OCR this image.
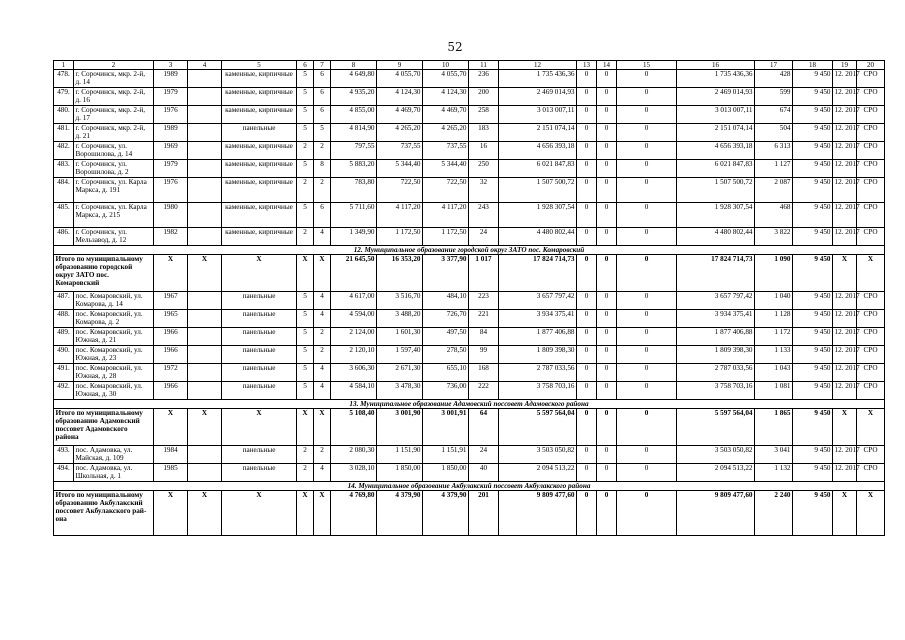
52
1	2	3	4	5	6	7	8	9	10	11	12	13	14	15	16	17	18	19	20
478.	г. Сорочинск, мкр. 2-й, д. 14	1989		каменные, кирпичные	5	6	4 649,80	4 055,70	4 055,70	236	1 735 436,36	0	0	0	1 735 436,36	428	9 450	12. 2017	СРО
479.	г. Сорочинск, мкр. 2-й, д. 16	1979		каменные, кирпичные	5	6	4 935,20	4 124,30	4 124,30	200	2 469 014,93	0	0	0	2 469 014,93	599	9 450	12. 2017	СРО
480.	г. Сорочинск, мкр. 2-й, д. 17	1976		каменные, кирпичные	5	6	4 855,00	4 469,70	4 469,70	258	3 013 007,11	0	0	0	3 013 007,11	674	9 450	12. 2017	СРО
481.	г. Сорочинск, мкр. 2-й, д. 21	1989		панельные	5	5	4 814,90	4 265,20	4 265,20	183	2 151 074,14	0	0	0	2 151 074,14	504	9 450	12. 2017	СРО
482.	г. Сорочинск, ул. Ворошилова, д. 14	1969		каменные, кирпичные	2	2	797,55	737,55	737,55	16	4 656 393,18	0	0	0	4 656 393,18	6 313	9 450	12. 2017	СРО
483.	г. Сорочинск, ул. Ворошилова, д. 2	1979		каменные, кирпичные	5	8	5 883,20	5 344,40	5 344,40	250	6 021 847,83	0	0	0	6 021 847,83	1 127	9 450	12. 2017	СРО
484.	г. Сорочинск, ул. Карла Маркса, д. 191	1976		каменные, кирпичные	2	2	783,80	722,50	722,50	32	1 507 500,72	0	0	0	1 507 500,72	2 087	9 450	12. 2017	СРО
485.	г. Сорочинск, ул. Карла Маркса, д. 215	1980		каменные, кирпичные	5	6	5 711,60	4 117,20	4 117,20	243	1 928 307,54	0	0	0	1 928 307,54	468	9 450	12. 2017	СРО
486.	г. Сорочинск, ул. Мельзавод, д. 12	1982		каменные, кирпичные	2	4	1 349,90	1 172,50	1 172,50	24	4 480 802,44	0	0	0	4 480 802,44	3 822	9 450	12. 2017	СРО
12. Муниципальное образование городской округ ЗАТО пос. Комаровский																			
Итого по муниципальному образованию городской округ ЗАТО пос. Комаровский		X	X	X	X	X	21 645,50	16 353,20	3 377,90	1 017	17 824 714,73	0	0	0	17 824 714,73	1 090	9 450	X	X
487.	пос. Комаровский, ул. Комарова, д. 14	1967		панельные	5	4	4 617,00	3 516,70	484,10	223	3 657 797,42	0	0	0	3 657 797,42	1 040	9 450	12. 2017	СРО
488.	пос. Комаровский, ул. Комарова, д. 2	1965		панельные	5	4	4 594,00	3 488,20	726,70	221	3 934 375,41	0	0	0	3 934 375,41	1 128	9 450	12. 2017	СРО
489.	пос. Комаровский, ул. Южная, д. 21	1966		панельные	5	2	2 124,00	1 601,30	497,50	84	1 877 406,88	0	0	0	1 877 406,88	1 172	9 450	12. 2017	СРО
490.	пос. Комаровский, ул. Южная, д. 23	1966		панельные	5	2	2 120,10	1 597,40	278,50	99	1 809 398,30	0	0	0	1 809 398,30	1 133	9 450	12. 2017	СРО
491.	пос. Комаровский, ул. Южная, д. 28	1972		панельные	5	4	3 606,30	2 671,30	655,10	168	2 787 033,56	0	0	0	2 787 033,56	1 043	9 450	12. 2017	СРО
492.	пос. Комаровский, ул. Южная, д. 30	1966		панельные	5	4	4 584,10	3 478,30	736,00	222	3 758 703,16	0	0	0	3 758 703,16	1 081	9 450	12. 2017	СРО
13. Муниципальное образование Адамовский поссовет Адамовского района																			
Итого по муниципальному образованию Адамовский поссовет Адамовского района		X	X	X	X	X	5 108,40	3 001,90	3 001,91	64	5 597 564,04	0	0	0	5 597 564,04	1 865	9 450	X	X
493.	пос. Адамовка, ул. Майская, д. 109	1984		панельные	2	2	2 080,30	1 151,90	1 151,91	24	3 503 050,82	0	0	0	3 503 050,82	3 041	9 450	12. 2017	СРО
494.	пос. Адамовка, ул. Школьная, д. 1	1985		панельные	2	4	3 028,10	1 850,00	1 850,00	40	2 094 513,22	0	0	0	2 094 513,22	1 132	9 450	12. 2017	СРО
14. Муниципальное образование Акбулакский поссовет Акбулакского района																			
Итого по муниципальному образованию Акбулакский поссовет Акбулакского рай-она		X	X	X	X	X	4 769,80	4 379,90	4 379,90	201	9 809 477,60	0	0	0	9 809 477,60	2 240	9 450	X	X
